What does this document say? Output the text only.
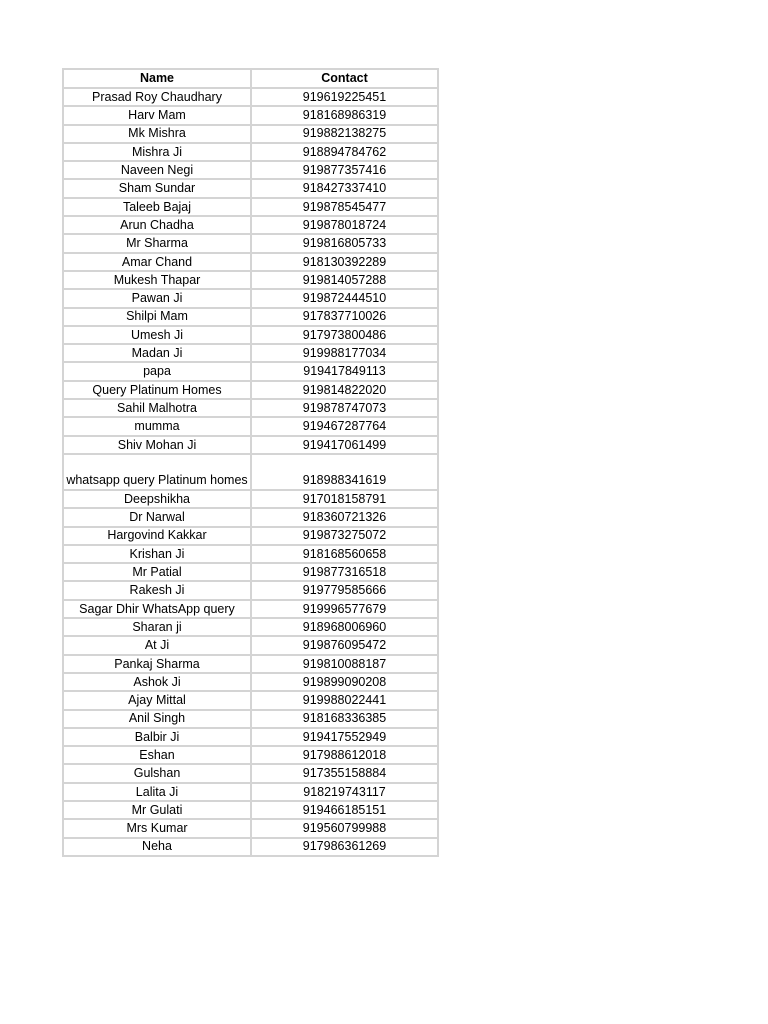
Name	Contact
Prasad Roy Chaudhary	919619225451
Harv Mam	918168986319
Mk Mishra	919882138275
Mishra Ji	918894784762
Naveen Negi	919877357416
Sham Sundar	918427337410
Taleeb Bajaj	919878545477
Arun Chadha	919878018724
Mr Sharma	919816805733
Amar Chand	918130392289
Mukesh Thapar	919814057288
Pawan Ji	919872444510
Shilpi Mam	917837710026
Umesh Ji	917973800486
Madan Ji	919988177034
papa	919417849113
Query Platinum Homes	919814822020
Sahil Malhotra	919878747073
mumma	919467287764
Shiv Mohan Ji	919417061499
whatsapp query Platinum homes	918988341619
Deepshikha	917018158791
Dr Narwal	918360721326
Hargovind Kakkar	919873275072
Krishan Ji	918168560658
Mr Patial	919877316518
Rakesh Ji	919779585666
Sagar Dhir WhatsApp query	919996577679
Sharan ji	918968006960
At Ji	919876095472
Pankaj Sharma	919810088187
Ashok Ji	919899090208
Ajay Mittal	919988022441
Anil Singh	918168336385
Balbir Ji	919417552949
Eshan	917988612018
Gulshan	917355158884
Lalita Ji	918219743117
Mr Gulati	919466185151
Mrs Kumar	919560799988
Neha	917986361269
